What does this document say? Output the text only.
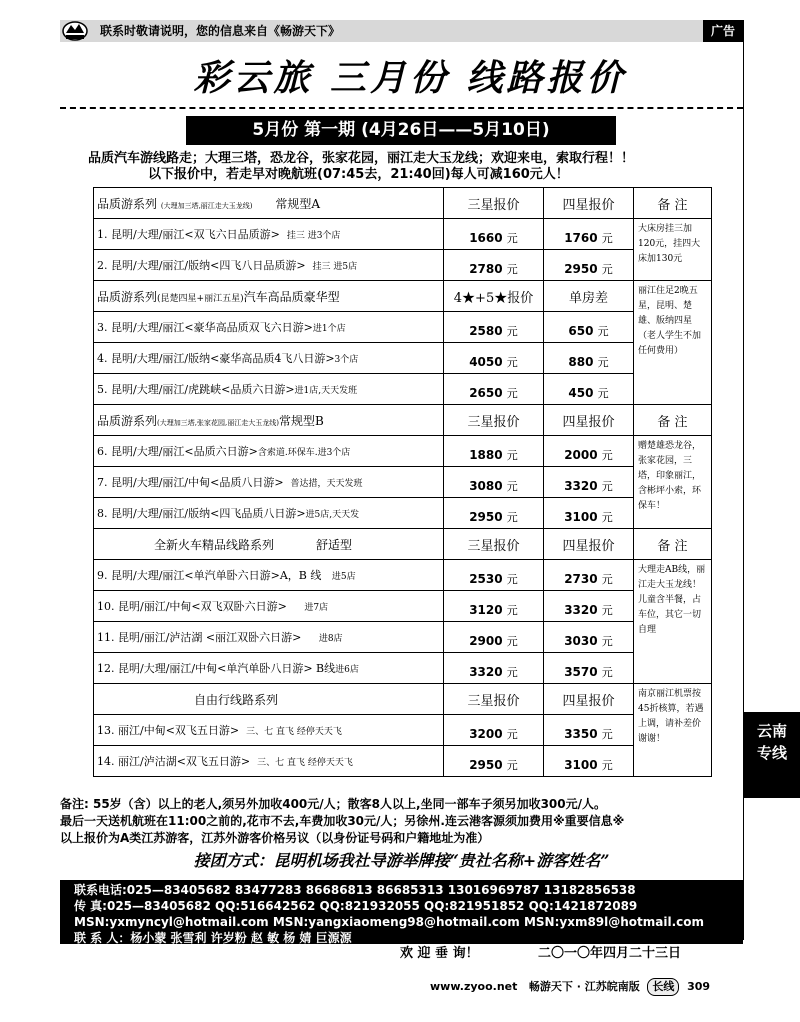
联系时敬请说明，您的信息来自《畅游天下》	广告
彩云旅 三月份 线路报价
5月份 第一期 (4月26日——5月10日)
品质汽车游线路走；大理三塔，恐龙谷，张家花园，丽江走大玉龙线；欢迎来电，索取行程！！
以下报价中，若走早对晚航班(07:45去，21:40回)每人可减160元人！
品质游系列 (大理加三塔,丽江走大玉龙线) 常规型A	三星报价	四星报价	备 注
1. 昆明/大理/丽江<双飞六日品质游> 挂三 进3个店	1660 元	1760 元	大床房挂三加120元，挂四大床加130元
2. 昆明/大理/丽江/版纳<四飞八日品质游> 挂三 进5店	2780 元	2950 元	
品质游系列(昆楚四星+丽江五星)汽车高品质豪华型	4★+5★报价	单房差	丽江住足2晚五星，昆明、楚雄、版纳四星（老人学生不加任何费用）
3. 昆明/大理/丽江<豪华高品质双飞六日游>进1个店	2580 元	650 元	
4. 昆明/大理/丽江/版纳<豪华高品质4飞八日游>3个店	4050 元	880 元	
5. 昆明/大理/丽江/虎跳峡<品质六日游>进1店,天天发班	2650 元	450 元	
品质游系列(大理加三塔,张家花园,丽江走大玉龙线)常规型B	三星报价	四星报价	备 注
6. 昆明/大理/丽江<品质六日游>含索道.环保车.进3个店	1880 元	2000 元	赠楚雄恐龙谷，张家花园，三塔，印象丽江，含彬坪小索，环保车！
7. 昆明/大理/丽江/中甸<品质八日游> 普达措，天天发班	3080 元	3320 元	
8. 昆明/大理/丽江/版纳<四飞品质八日游>进5店,天天发	2950 元	3100 元	
全新火车精品线路系列 舒适型	三星报价	四星报价	备 注
9. 昆明/大理/丽江<单汽单卧六日游>A，B 线 进5店	2530 元	2730 元	大理走AB线，丽江走大玉龙线！儿童含半餐，占车位，其它一切自理
10. 昆明/丽江/中甸<双飞双卧六日游> 进7店	3120 元	3320 元	
11. 昆明/丽江/泸沽湖 <丽江双卧六日游> 进8店	2900 元	3030 元	
12. 昆明/大理/丽江/中甸<单汽单卧八日游> B线进6店	3320 元	3570 元	
自由行线路系列	三星报价	四星报价	南京丽江机票按45折核算，若遇上调，请补差价谢谢！
13. 丽江/中甸<双飞五日游> 三、七 直飞 经停天天飞	3200 元	3350 元	
14. 丽江/泸沽湖<双飞五日游> 三、七 直飞 经停天天飞	2950 元	3100 元	
云南专线
备注: 55岁（含）以上的老人,须另外加收400元/人；散客8人以上,坐同一部车子须另加收300元/人。
最后一天送机航班在11:00之前的,花市不去,车费加收30元/人；另徐州.连云港客源须加费用※重要信息※
以上报价为A类江苏游客，江苏外游客价格另议（以身份证号码和户籍地址为准）
接团方式：昆明机场我社导游举牌接“贵社名称+游客姓名”
联系电话:025—83405682 83477283 86686813 86685313 13016969787 13182856538
传 真:025—83405682 QQ:516642562 QQ:821932055 QQ:821951852 QQ:1421872089
MSN:yxmyncyl@hotmail.com MSN:yangxiaomeng98@hotmail.com MSN:yxm89l@hotmail.com
联 系 人：杨小蒙 张雪利 许岁粉 赵 敏 杨 婧 巨源源
欢 迎 垂 询！	二〇一〇年四月二十三日
www.zyoo.net 畅游天下 · 江苏皖南版 长线 309
